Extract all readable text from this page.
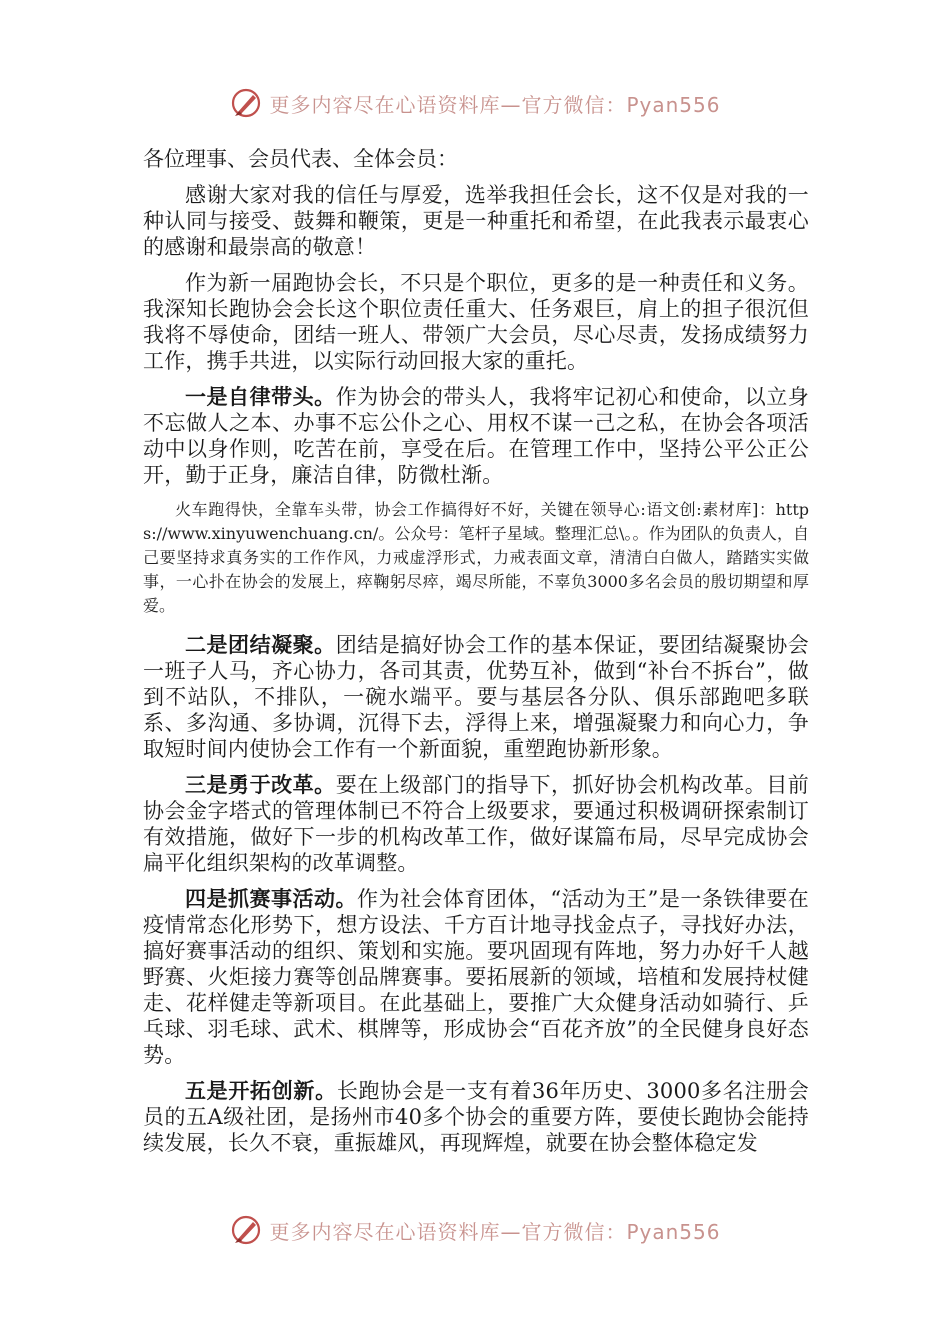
更多内容尽在心语资料库—官方微信：Pyan556

各位理事、会员代表、全体会员：

感谢大家对我的信任与厚爱，选举我担任会长，这不仅是对我的一种认同与接受、鼓舞和鞭策，更是一种重托和希望，在此我表示最衷心的感谢和最崇高的敬意！

作为新一届跑协会长，不只是个职位，更多的是一种责任和义务。我深知长跑协会会长这个职位责任重大、任务艰巨，肩上的担子很沉但我将不辱使命，团结一班人、带领广大会员，尽心尽责，发扬成绩努力工作，携手共进，以实际行动回报大家的重托。

一是自律带头。作为协会的带头人，我将牢记初心和使命，以立身不忘做人之本、办事不忘公仆之心、用权不谋一己之私，在协会各项活动中以身作则，吃苦在前，享受在后。在管理工作中，坚持公平公正公开，勤于正身，廉洁自律，防微杜渐。

火车跑得快，全靠车头带，协会工作搞得好不好，关键在领导心:语文创:素材库]：https://www.xinyuwenchuang.cn/。公众号：笔杆子星域。整理汇总\。。作为团队的负责人，自己要坚持求真务实的工作作风，力戒虚浮形式，力戒表面文章，清清白白做人，踏踏实实做事，一心扑在协会的发展上，瘁鞠躬尽瘁，竭尽所能，不辜负3000多名会员的殷切期望和厚爱。

二是团结凝聚。团结是搞好协会工作的基本保证，要团结凝聚协会一班子人马，齐心协力，各司其责，优势互补，做到“补台不拆台”，做到不站队，不排队，一碗水端平。要与基层各分队、俱乐部跑吧多联系、多沟通、多协调，沉得下去，浮得上来，增强凝聚力和向心力，争取短时间内使协会工作有一个新面貌，重塑跑协新形象。

三是勇于改革。要在上级部门的指导下，抓好协会机构改革。目前协会金字塔式的管理体制已不符合上级要求，要通过积极调研探索制订有效措施，做好下一步的机构改革工作，做好谋篇布局，尽早完成协会扁平化组织架构的改革调整。

四是抓赛事活动。作为社会体育团体，“活动为王”是一条铁律要在疫情常态化形势下，想方设法、千方百计地寻找金点子，寻找好办法，搞好赛事活动的组织、策划和实施。要巩固现有阵地，努力办好千人越野赛、火炬接力赛等创品牌赛事。要拓展新的领域，培植和发展持杖健走、花样健走等新项目。在此基础上，要推广大众健身活动如骑行、乒乓球、羽毛球、武术、棋牌等，形成协会“百花齐放”的全民健身良好态势。

五是开拓创新。长跑协会是一支有着36年历史、3000多名注册会员的五A级社团，是扬州市40多个协会的重要方阵，要使长跑协会能持续发展，长久不衰，重振雄风，再现辉煌，就要在协会整体稳定发

更多内容尽在心语资料库—官方微信：Pyan556
